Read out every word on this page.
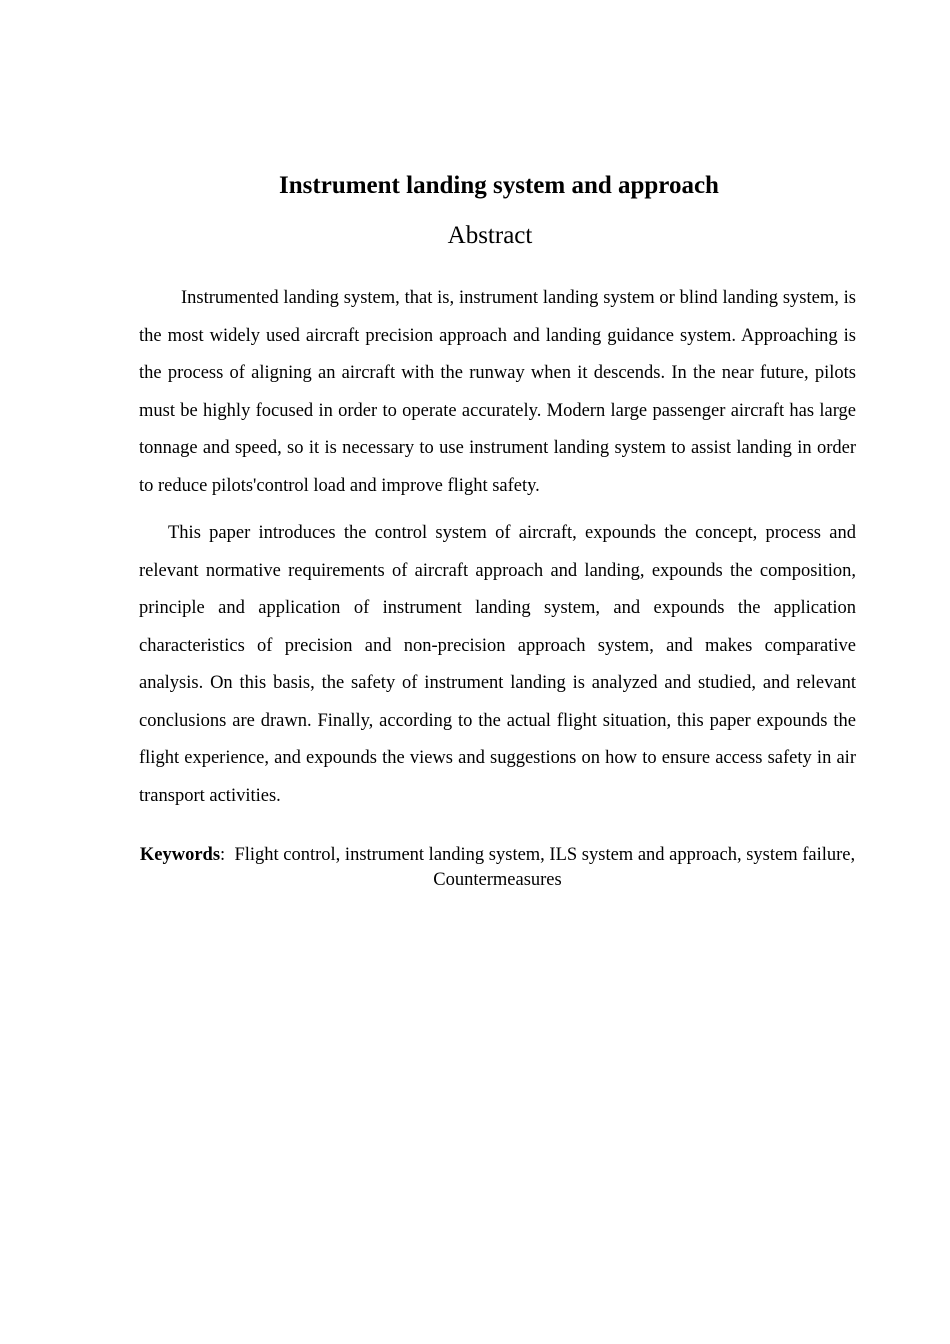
Instrument landing system and approach
Abstract

Instrumented landing system, that is, instrument landing system or blind landing system, is the most widely used aircraft precision approach and landing guidance system. Approaching is the process of aligning an aircraft with the runway when it descends. In the near future, pilots must be highly focused in order to operate accurately. Modern large passenger aircraft has large tonnage and speed, so it is necessary to use instrument landing system to assist landing in order to reduce pilots'control load and improve flight safety.

This paper introduces the control system of aircraft, expounds the concept, process and relevant normative requirements of aircraft approach and landing, expounds the composition, principle and application of instrument landing system, and expounds the application characteristics of precision and non-precision approach system, and makes comparative analysis. On this basis, the safety of instrument landing is analyzed and studied, and relevant conclusions are drawn. Finally, according to the actual flight situation, this paper expounds the flight experience, and expounds the views and suggestions on how to ensure access safety in air transport activities.

Keywords: Flight control, instrument landing system, ILS system and approach, system failure, Countermeasures
